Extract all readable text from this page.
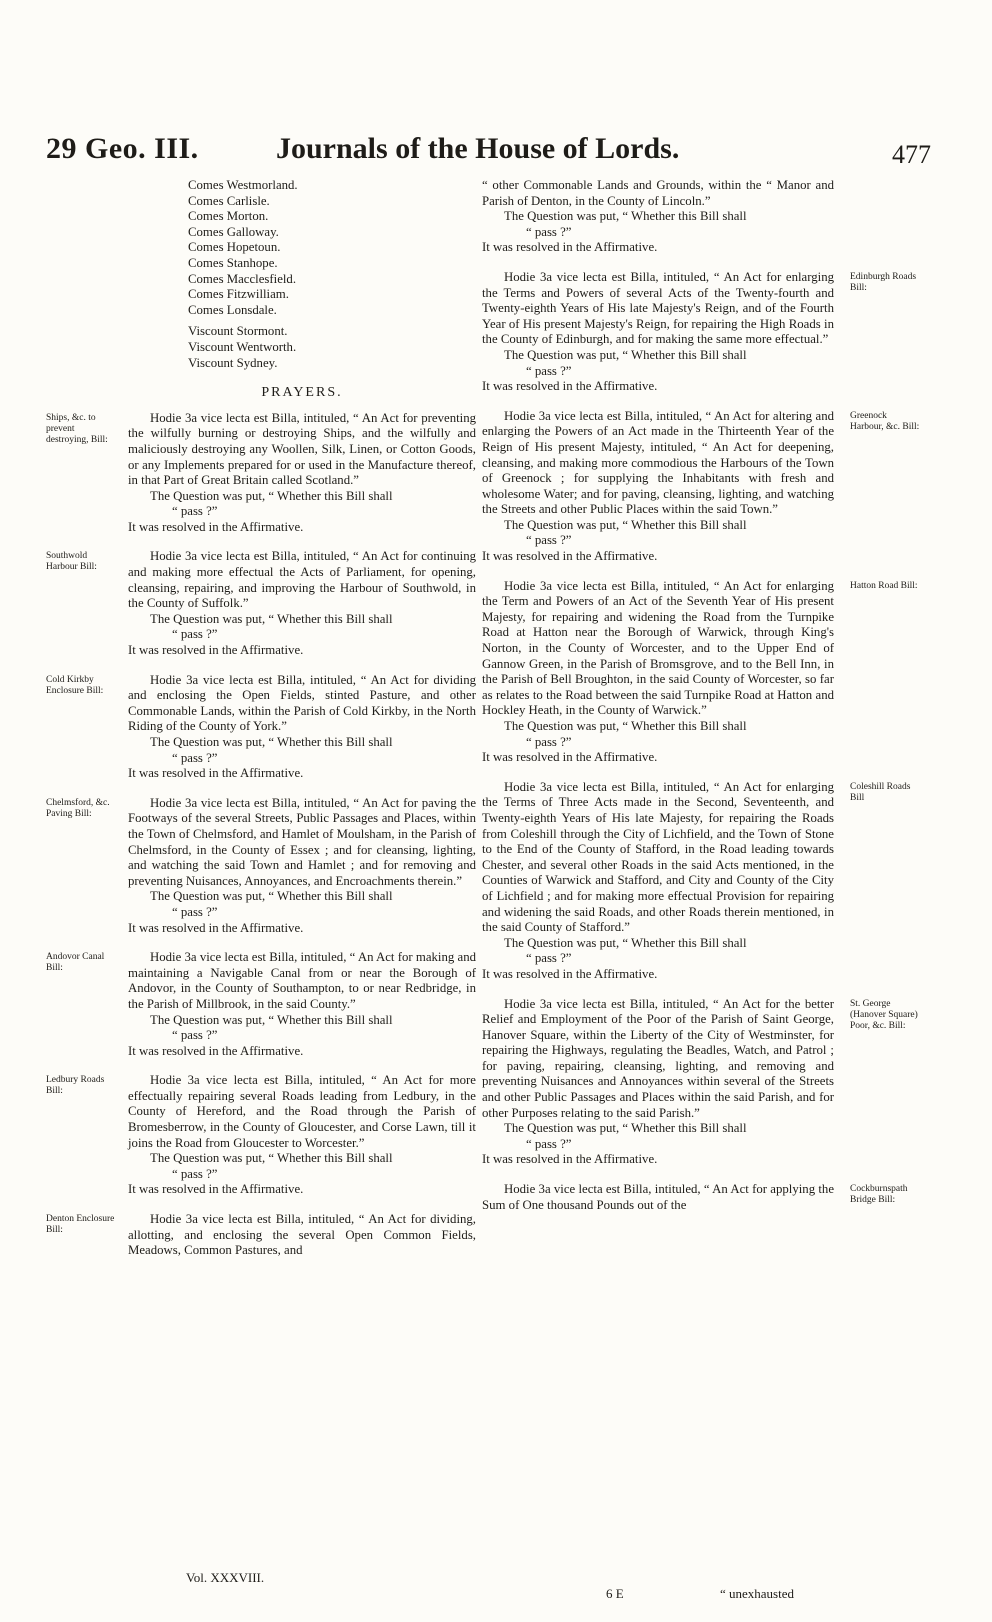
29 Geo. III.	Journals of the House of Lords.	477
Comes Westmorland.
Comes Carlisle.
Comes Morton.
Comes Galloway.
Comes Hopetoun.
Comes Stanhope.
Comes Macclesfield.
Comes Fitzwilliam.
Comes Lonsdale.
Viscount Stormont.
Viscount Wentworth.
Viscount Sydney.
PRAYERS.
Ships, &c. to prevent destroying, Bill:

Hodie 3a vice lecta est Billa, intituled, “ An Act for preventing the wilfully burning or destroying Ships, and the wilfully and maliciously destroying any Woollen, Silk, Linen, or Cotton Goods, or any Implements prepared for or used in the Manufacture thereof, in that Part of Great Britain called Scotland.”

The Question was put, “ Whether this Bill shall

“ pass ?”

It was resolved in the Affirmative.

Southwold Harbour Bill:

Hodie 3a vice lecta est Billa, intituled, “ An Act for continuing and making more effectual the Acts of Parliament, for opening, cleansing, repairing, and improving the Harbour of Southwold, in the County of Suffolk.”

The Question was put, “ Whether this Bill shall

“ pass ?”

It was resolved in the Affirmative.

Cold Kirkby Enclosure Bill:

Hodie 3a vice lecta est Billa, intituled, “ An Act for dividing and enclosing the Open Fields, stinted Pasture, and other Commonable Lands, within the Parish of Cold Kirkby, in the North Riding of the County of York.”

The Question was put, “ Whether this Bill shall

“ pass ?”

It was resolved in the Affirmative.

Chelmsford, &c. Paving Bill:

Hodie 3a vice lecta est Billa, intituled, “ An Act for paving the Footways of the several Streets, Public Passages and Places, within the Town of Chelmsford, and Hamlet of Moulsham, in the Parish of Chelmsford, in the County of Essex ; and for cleansing, lighting, and watching the said Town and Hamlet ; and for removing and preventing Nuisances, Annoyances, and Encroachments therein.”

The Question was put, “ Whether this Bill shall

“ pass ?”

It was resolved in the Affirmative.

Andovor Canal Bill:

Hodie 3a vice lecta est Billa, intituled, “ An Act for making and maintaining a Navigable Canal from or near the Borough of Andovor, in the County of Southampton, to or near Redbridge, in the Parish of Millbrook, in the said County.”

The Question was put, “ Whether this Bill shall

“ pass ?”

It was resolved in the Affirmative.

Ledbury Roads Bill:

Hodie 3a vice lecta est Billa, intituled, “ An Act for more effectually repairing several Roads leading from Ledbury, in the County of Hereford, and the Road through the Parish of Bromesberrow, in the County of Gloucester, and Corse Lawn, till it joins the Road from Gloucester to Worcester.”

The Question was put, “ Whether this Bill shall

“ pass ?”

It was resolved in the Affirmative.

Denton Enclosure Bill:

Hodie 3a vice lecta est Billa, intituled, “ An Act for dividing, allotting, and enclosing the several Open Common Fields, Meadows, Common Pastures, and

“ other Commonable Lands and Grounds, within the “ Manor and Parish of Denton, in the County of Lincoln.”

The Question was put, “ Whether this Bill shall

“ pass ?”

It was resolved in the Affirmative.

Edinburgh Roads Bill:

Hodie 3a vice lecta est Billa, intituled, “ An Act for enlarging the Terms and Powers of several Acts of the Twenty-fourth and Twenty-eighth Years of His late Majesty's Reign, and of the Fourth Year of His present Majesty's Reign, for repairing the High Roads in the County of Edinburgh, and for making the same more effectual.”

The Question was put, “ Whether this Bill shall

“ pass ?”

It was resolved in the Affirmative.

Greenock Harbour, &c. Bill:

Hodie 3a vice lecta est Billa, intituled, “ An Act for altering and enlarging the Powers of an Act made in the Thirteenth Year of the Reign of His present Majesty, intituled, “ An Act for deepening, cleansing, and making more commodious the Harbours of the Town of Greenock ; for supplying the Inhabitants with fresh and wholesome Water; and for paving, cleansing, lighting, and watching the Streets and other Public Places within the said Town.”

The Question was put, “ Whether this Bill shall

“ pass ?”

It was resolved in the Affirmative.

Hatton Road Bill:

Hodie 3a vice lecta est Billa, intituled, “ An Act for enlarging the Term and Powers of an Act of the Seventh Year of His present Majesty, for repairing and widening the Road from the Turnpike Road at Hatton near the Borough of Warwick, through King's Norton, in the County of Worcester, and to the Upper End of Gannow Green, in the Parish of Bromsgrove, and to the Bell Inn, in the Parish of Bell Broughton, in the said County of Worcester, so far as relates to the Road between the said Turnpike Road at Hatton and Hockley Heath, in the County of Warwick.”

The Question was put, “ Whether this Bill shall

“ pass ?”

It was resolved in the Affirmative.

Coleshill Roads Bill

Hodie 3a vice lecta est Billa, intituled, “ An Act for enlarging the Terms of Three Acts made in the Second, Seventeenth, and Twenty-eighth Years of His late Majesty, for repairing the Roads from Coleshill through the City of Lichfield, and the Town of Stone to the End of the County of Stafford, in the Road leading towards Chester, and several other Roads in the said Acts mentioned, in the Counties of Warwick and Stafford, and City and County of the City of Lichfield ; and for making more effectual Provision for repairing and widening the said Roads, and other Roads therein mentioned, in the said County of Stafford.”

The Question was put, “ Whether this Bill shall

“ pass ?”

It was resolved in the Affirmative.

St. George (Hanover Square) Poor, &c. Bill:

Hodie 3a vice lecta est Billa, intituled, “ An Act for the better Relief and Employment of the Poor of the Parish of Saint George, Hanover Square, within the Liberty of the City of Westminster, for repairing the Highways, regulating the Beadles, Watch, and Patrol ; for paving, repairing, cleansing, lighting, and removing and preventing Nuisances and Annoyances within several of the Streets and other Public Passages and Places within the said Parish, and for other Purposes relating to the said Parish.”

The Question was put, “ Whether this Bill shall

“ pass ?”

It was resolved in the Affirmative.

Cockburnspath Bridge Bill:

Hodie 3a vice lecta est Billa, intituled, “ An Act for applying the Sum of One thousand Pounds out of the

Vol. XXXVIII.
6 E	“ unexhausted
